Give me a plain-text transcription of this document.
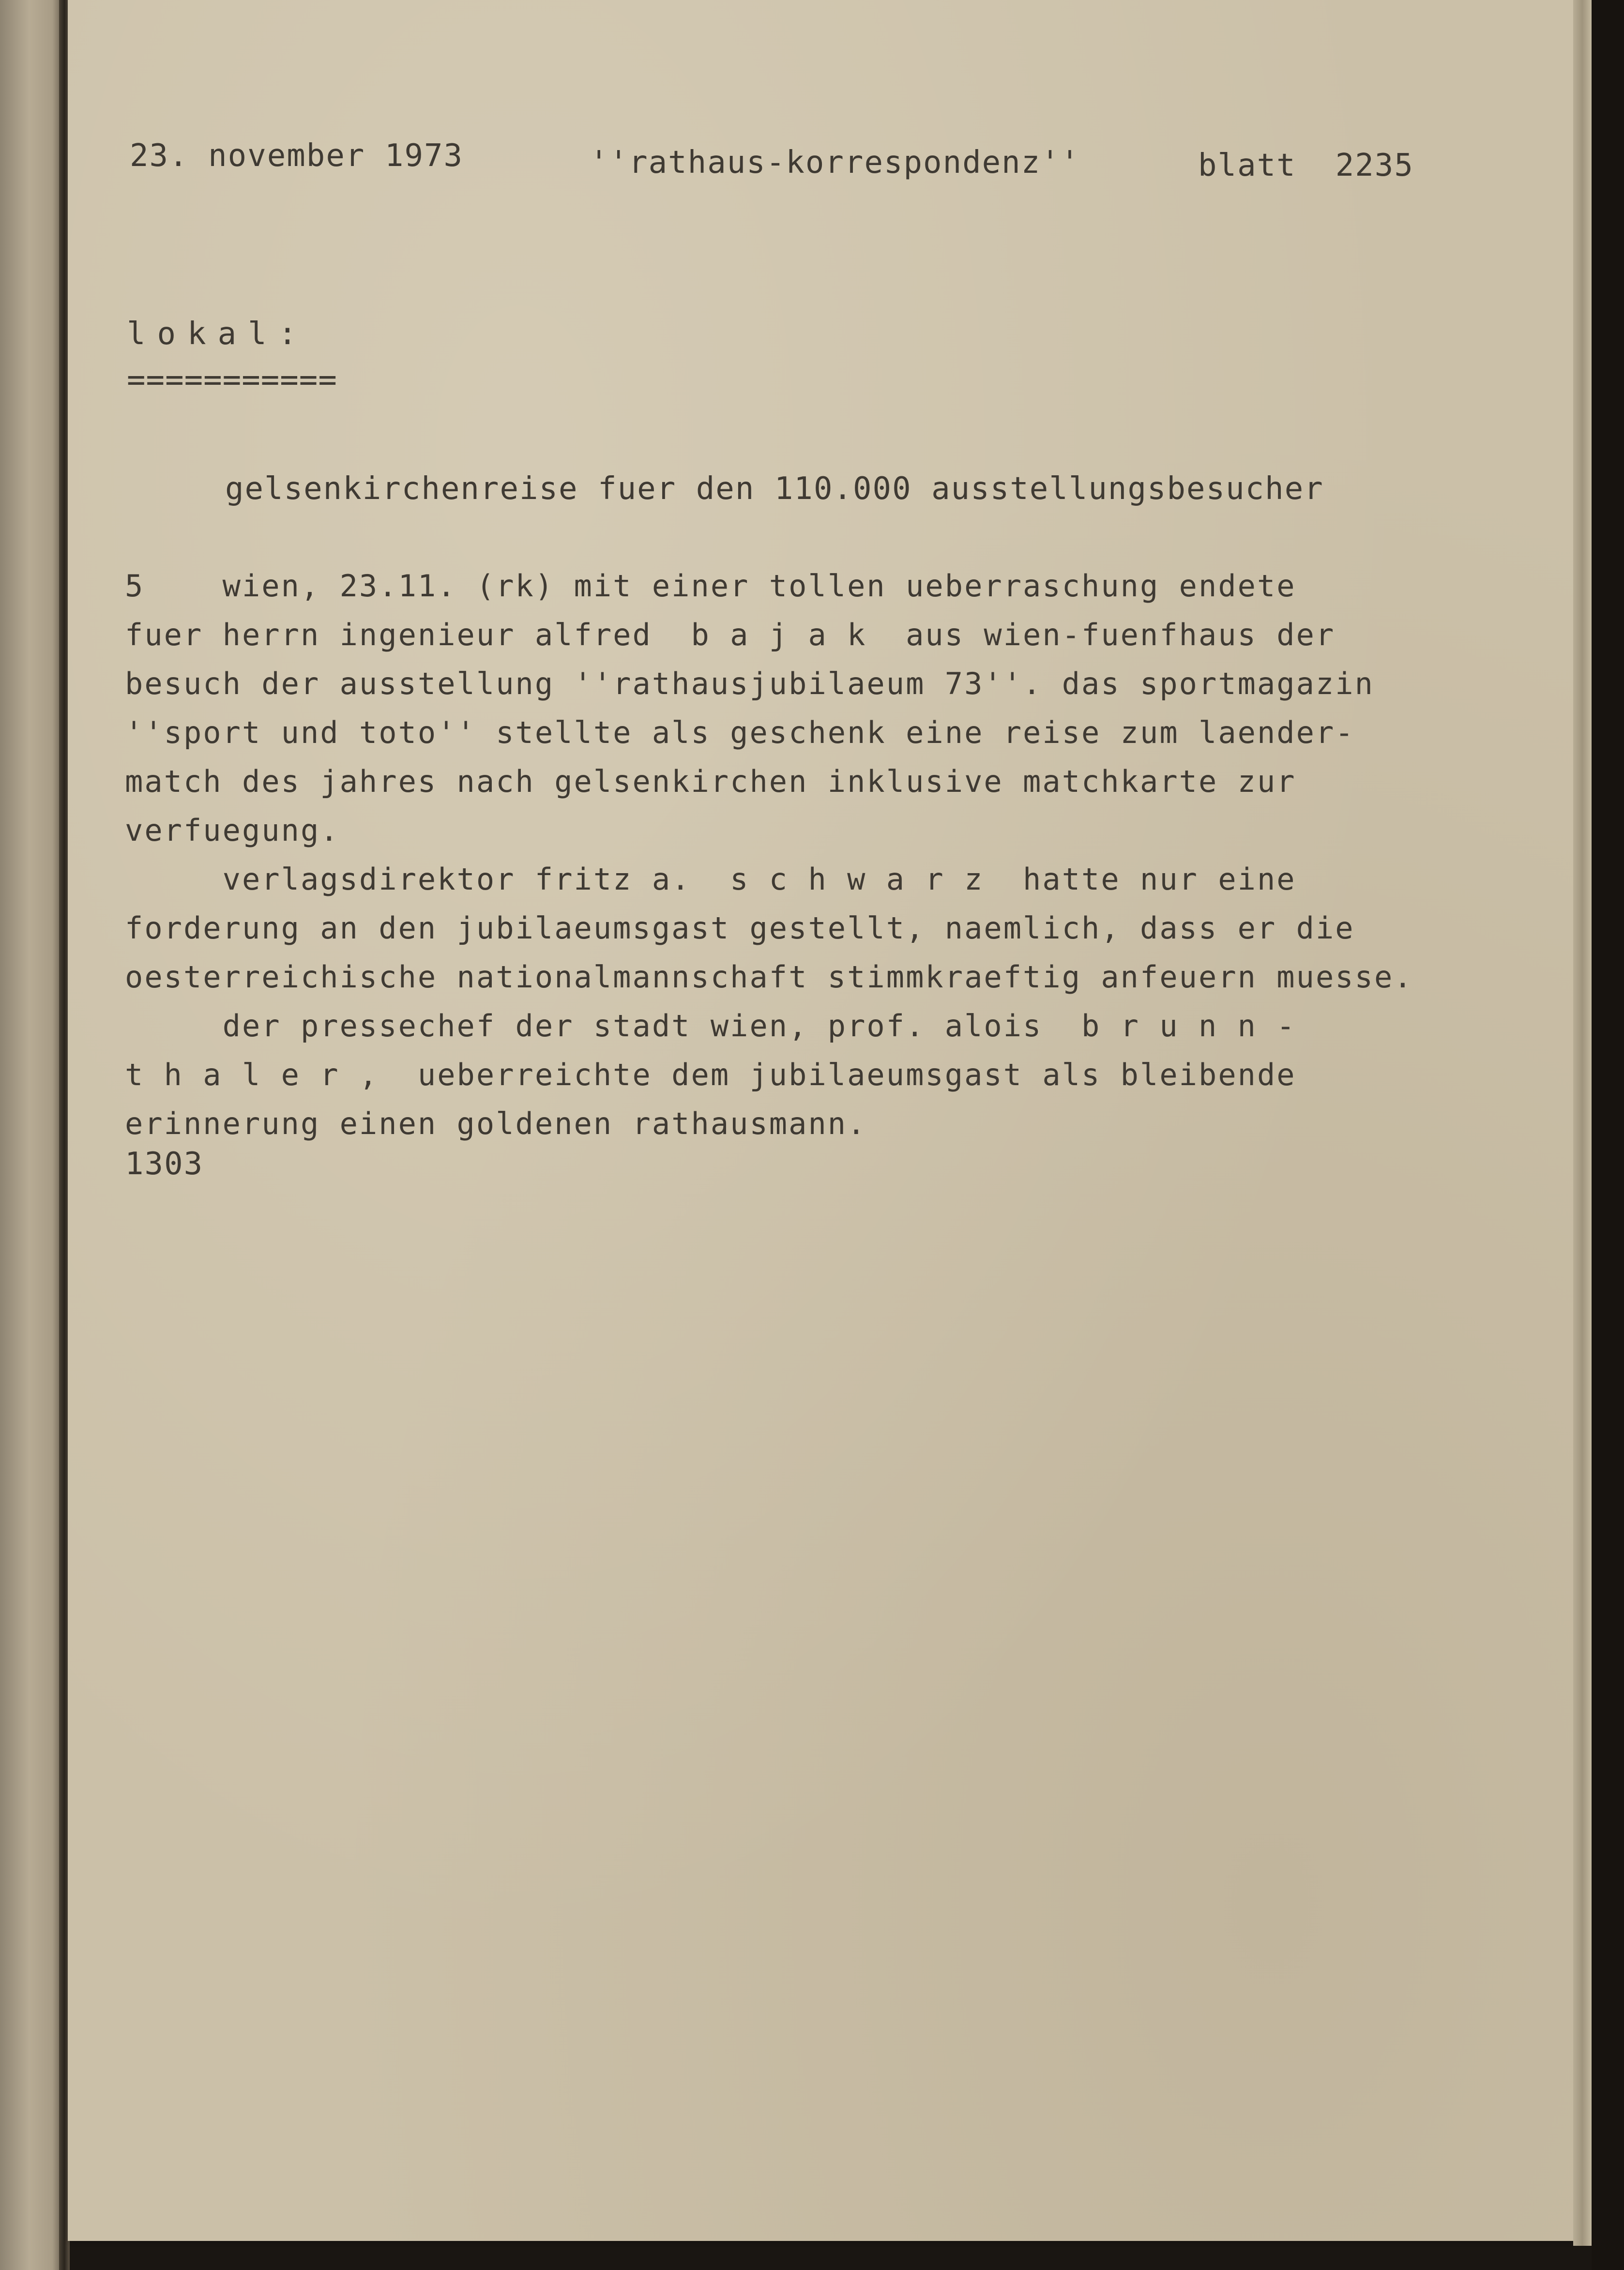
23. november 1973	''rathaus-korrespondenz''	blatt  2235
lokal:
===========
gelsenkirchenreise fuer den 110.000 ausstellungsbesucher
5    wien, 23.11. (rk) mit einer tollen ueberraschung endete
fuer herrn ingenieur alfred  b a j a k  aus wien-fuenfhaus der
besuch der ausstellung ''rathausjubilaeum 73''. das sportmagazin
''sport und toto'' stellte als geschenk eine reise zum laender-
match des jahres nach gelsenkirchen inklusive matchkarte zur
verfuegung.
verlagsdirektor fritz a.  s c h w a r z  hatte nur eine
forderung an den jubilaeumsgast gestellt, naemlich, dass er die
oesterreichische nationalmannschaft stimmkraeftig anfeuern muesse.
der pressechef der stadt wien, prof. alois  b r u n n -
t h a l e r ,  ueberreichte dem jubilaeumsgast als bleibende
erinnerung einen goldenen rathausmann.
1303
